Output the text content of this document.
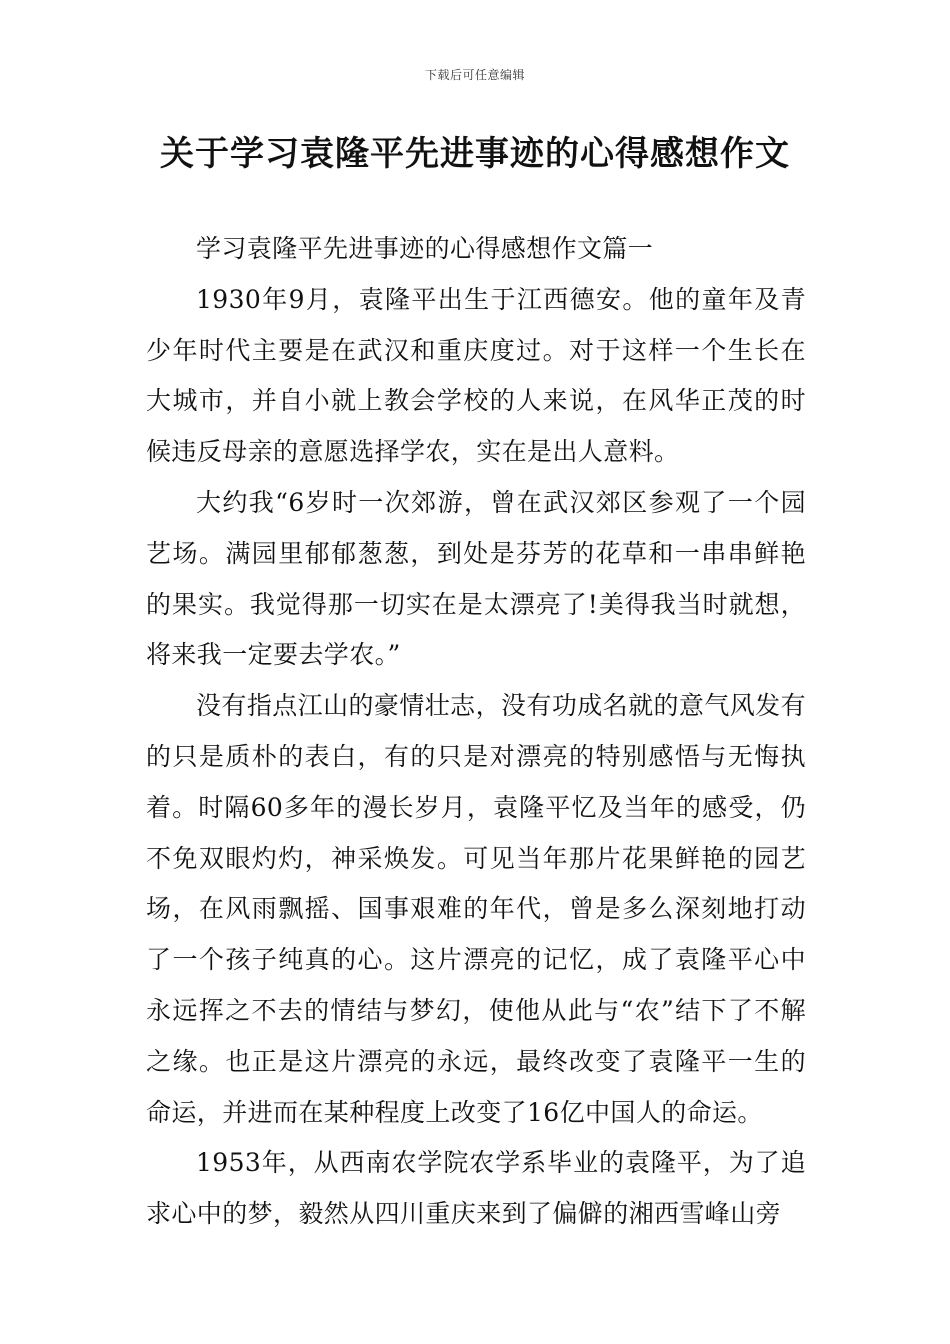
下载后可任意编辑
关于学习袁隆平先进事迹的心得感想作文

学习袁隆平先进事迹的心得感想作文篇一

1930年9月，袁隆平出生于江西德安。他的童年及青少年时代主要是在武汉和重庆度过。对于这样一个生长在大城市，并自小就上教会学校的人来说，在风华正茂的时候违反母亲的意愿选择学农，实在是出人意料。

大约我“6岁时一次郊游，曾在武汉郊区参观了一个园艺场。满园里郁郁葱葱，到处是芬芳的花草和一串串鲜艳的果实。我觉得那一切实在是太漂亮了!美得我当时就想，将来我一定要去学农。”

没有指点江山的豪情壮志，没有功成名就的意气风发有的只是质朴的表白，有的只是对漂亮的特别感悟与无悔执着。时隔60多年的漫长岁月，袁隆平忆及当年的感受，仍不免双眼灼灼，神采焕发。可见当年那片花果鲜艳的园艺场，在风雨飘摇、国事艰难的年代，曾是多么深刻地打动了一个孩子纯真的心。这片漂亮的记忆，成了袁隆平心中永远挥之不去的情结与梦幻，使他从此与“农”结下了不解之缘。也正是这片漂亮的永远，最终改变了袁隆平一生的命运，并进而在某种程度上改变了16亿中国人的命运。

1953年，从西南农学院农学系毕业的袁隆平，为了追求心中的梦，毅然从四川重庆来到了偏僻的湘西雪峰山旁
